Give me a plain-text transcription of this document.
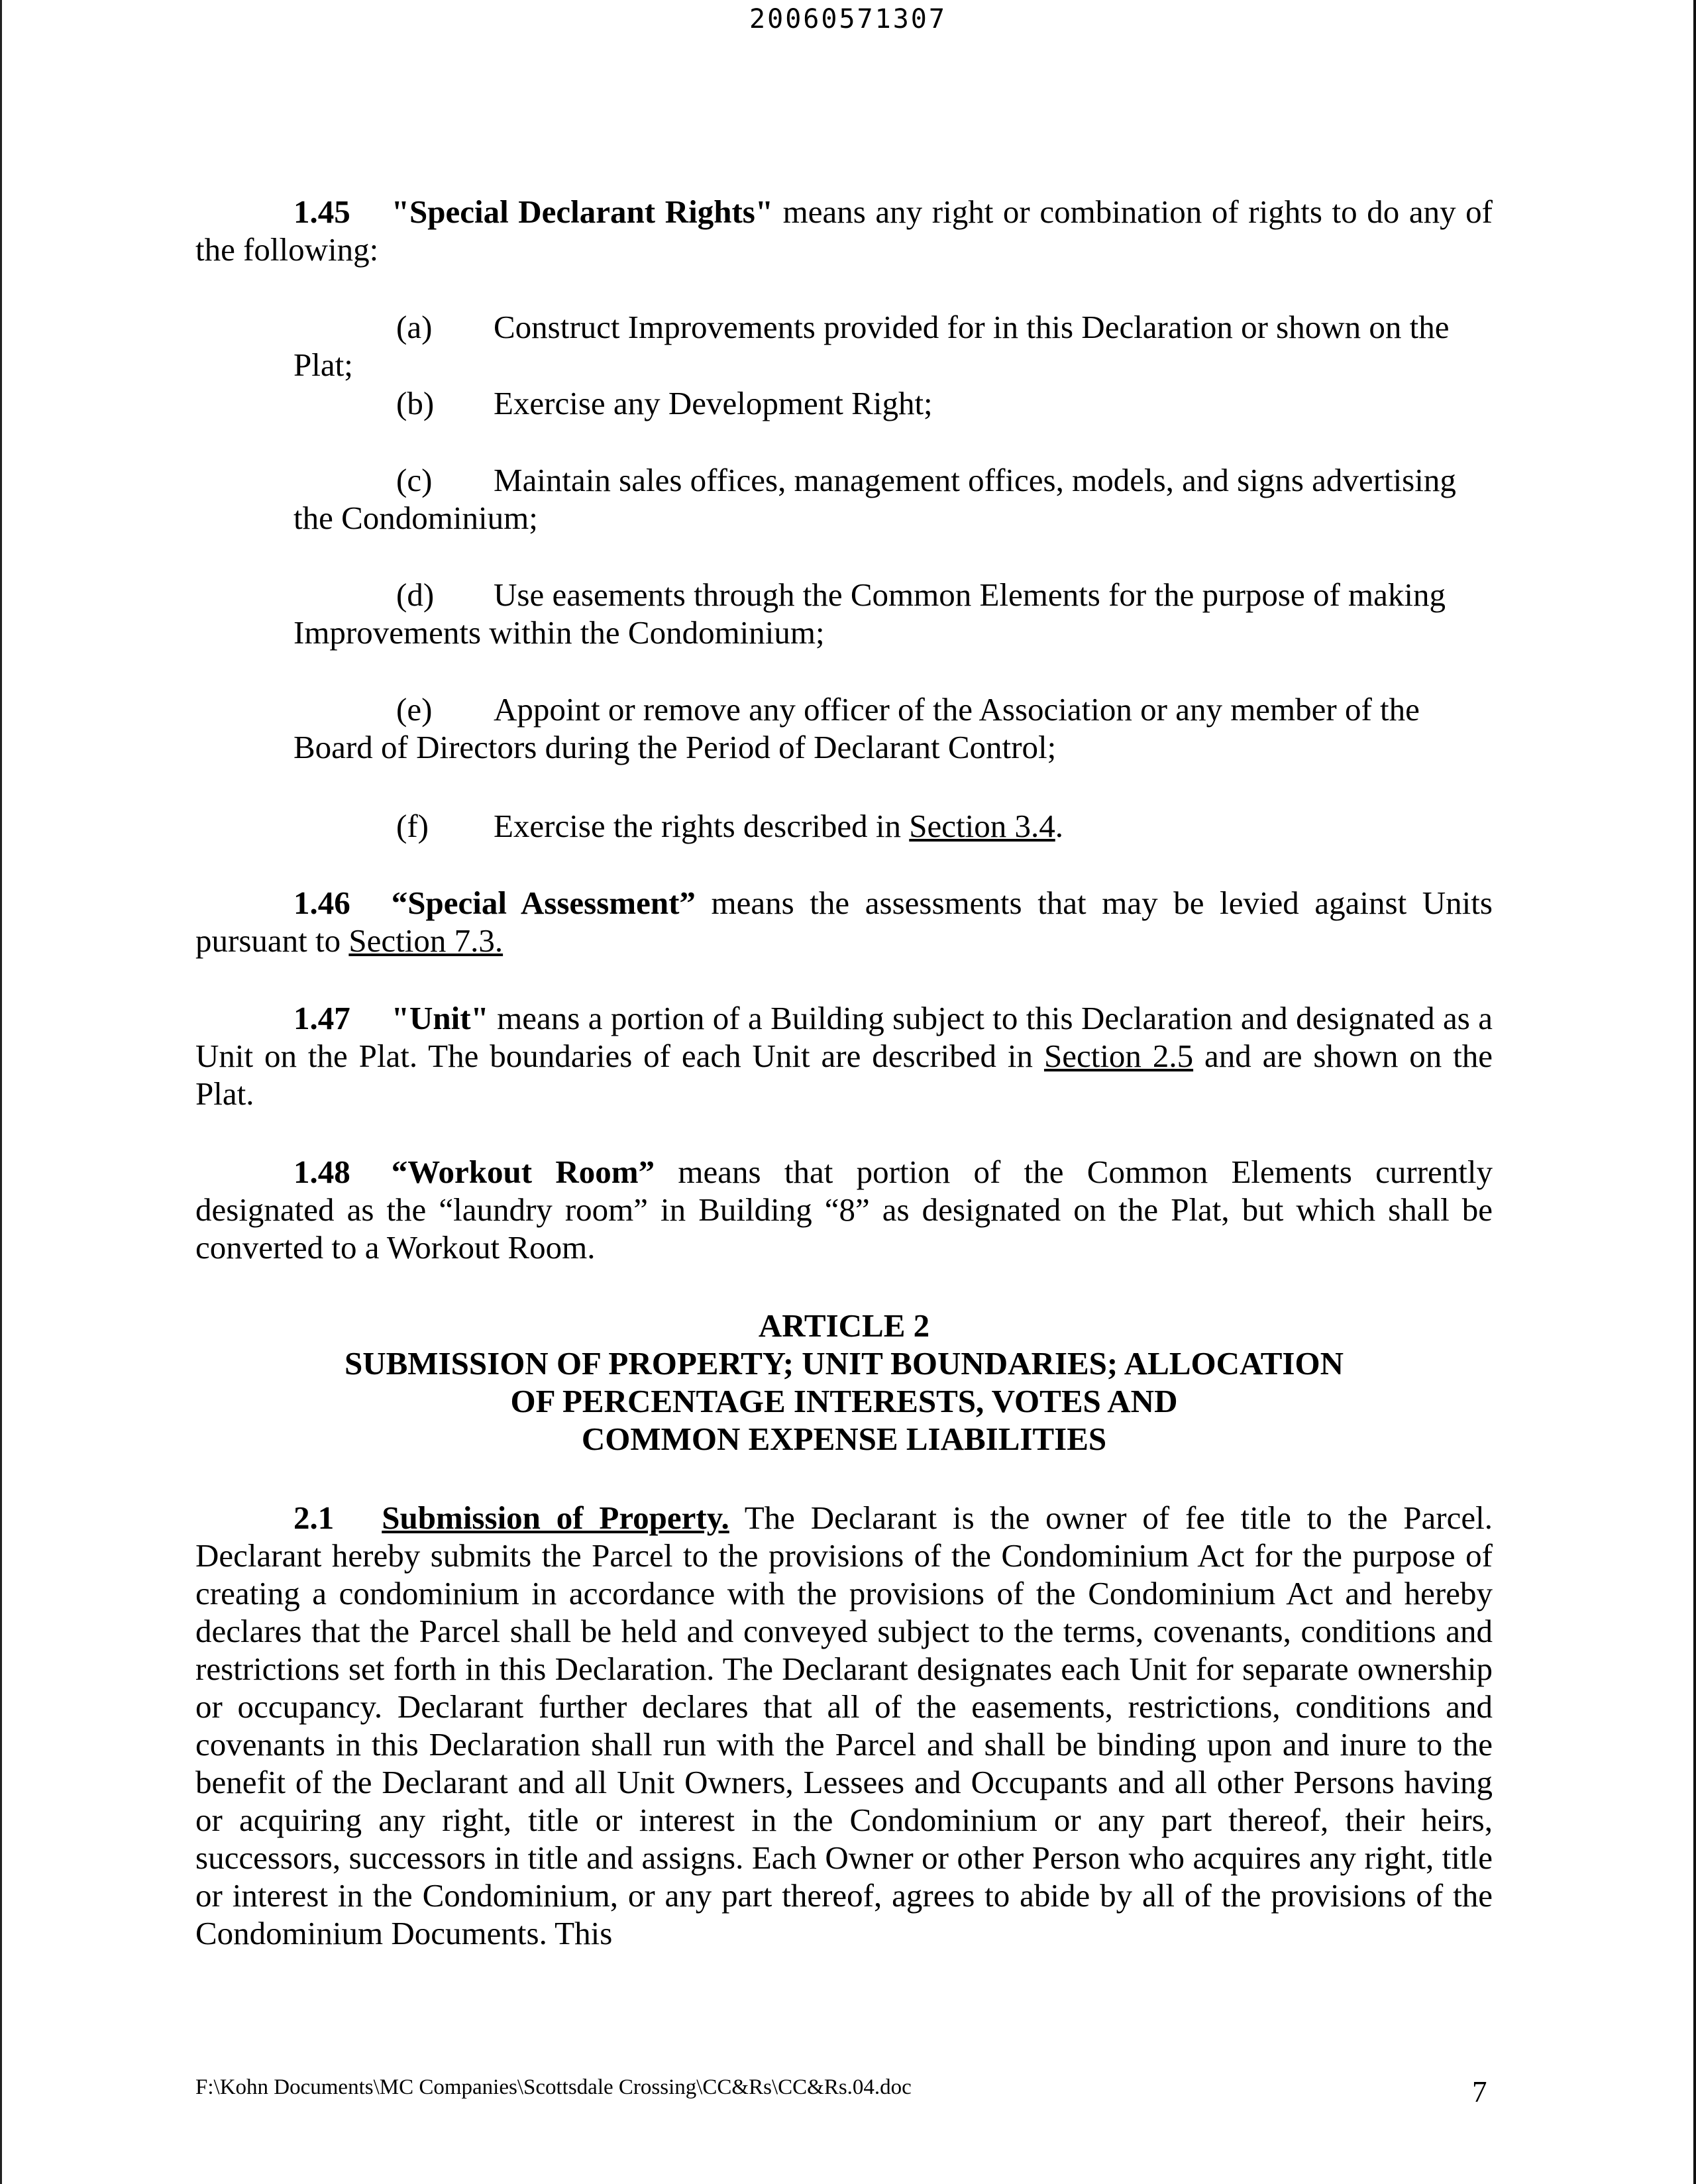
20060571307
1.45 "Special Declarant Rights" means any right or combination of rights to do any of the following:
(a)	Construct Improvements provided for in this Declaration or shown on the
Plat;
(b)	Exercise any Development Right;
(c)	Maintain sales offices, management offices, models, and signs advertising
the Condominium;
(d)	Use easements through the Common Elements for the purpose of making
Improvements within the Condominium;
(e)	Appoint or remove any officer of the Association or any member of the
Board of Directors during the Period of Declarant Control;
(f)	Exercise the rights described in Section 3.4.
1.46 “Special Assessment” means the assessments that may be levied against Units pursuant to Section 7.3.
1.47 "Unit" means a portion of a Building subject to this Declaration and designated as a Unit on the Plat. The boundaries of each Unit are described in Section 2.5 and are shown on the Plat.
1.48 “Workout Room” means that portion of the Common Elements currently designated as the “laundry room” in Building “8” as designated on the Plat, but which shall be converted to a Workout Room.
ARTICLE 2
SUBMISSION OF PROPERTY; UNIT BOUNDARIES; ALLOCATION
OF PERCENTAGE INTERESTS, VOTES AND
COMMON EXPENSE LIABILITIES
2.1 Submission of Property. The Declarant is the owner of fee title to the Parcel. Declarant hereby submits the Parcel to the provisions of the Condominium Act for the purpose of creating a condominium in accordance with the provisions of the Condominium Act and hereby declares that the Parcel shall be held and conveyed subject to the terms, covenants, conditions and restrictions set forth in this Declaration. The Declarant designates each Unit for separate ownership or occupancy. Declarant further declares that all of the easements, restrictions, conditions and covenants in this Declaration shall run with the Parcel and shall be binding upon and inure to the benefit of the Declarant and all Unit Owners, Lessees and Occupants and all other Persons having or acquiring any right, title or interest in the Condominium or any part thereof, their heirs, successors, successors in title and assigns. Each Owner or other Person who acquires any right, title or interest in the Condominium, or any part thereof, agrees to abide by all of the provisions of the Condominium Documents. This
F:\Kohn Documents\MC Companies\Scottsdale Crossing\CC&Rs\CC&Rs.04.doc	7
